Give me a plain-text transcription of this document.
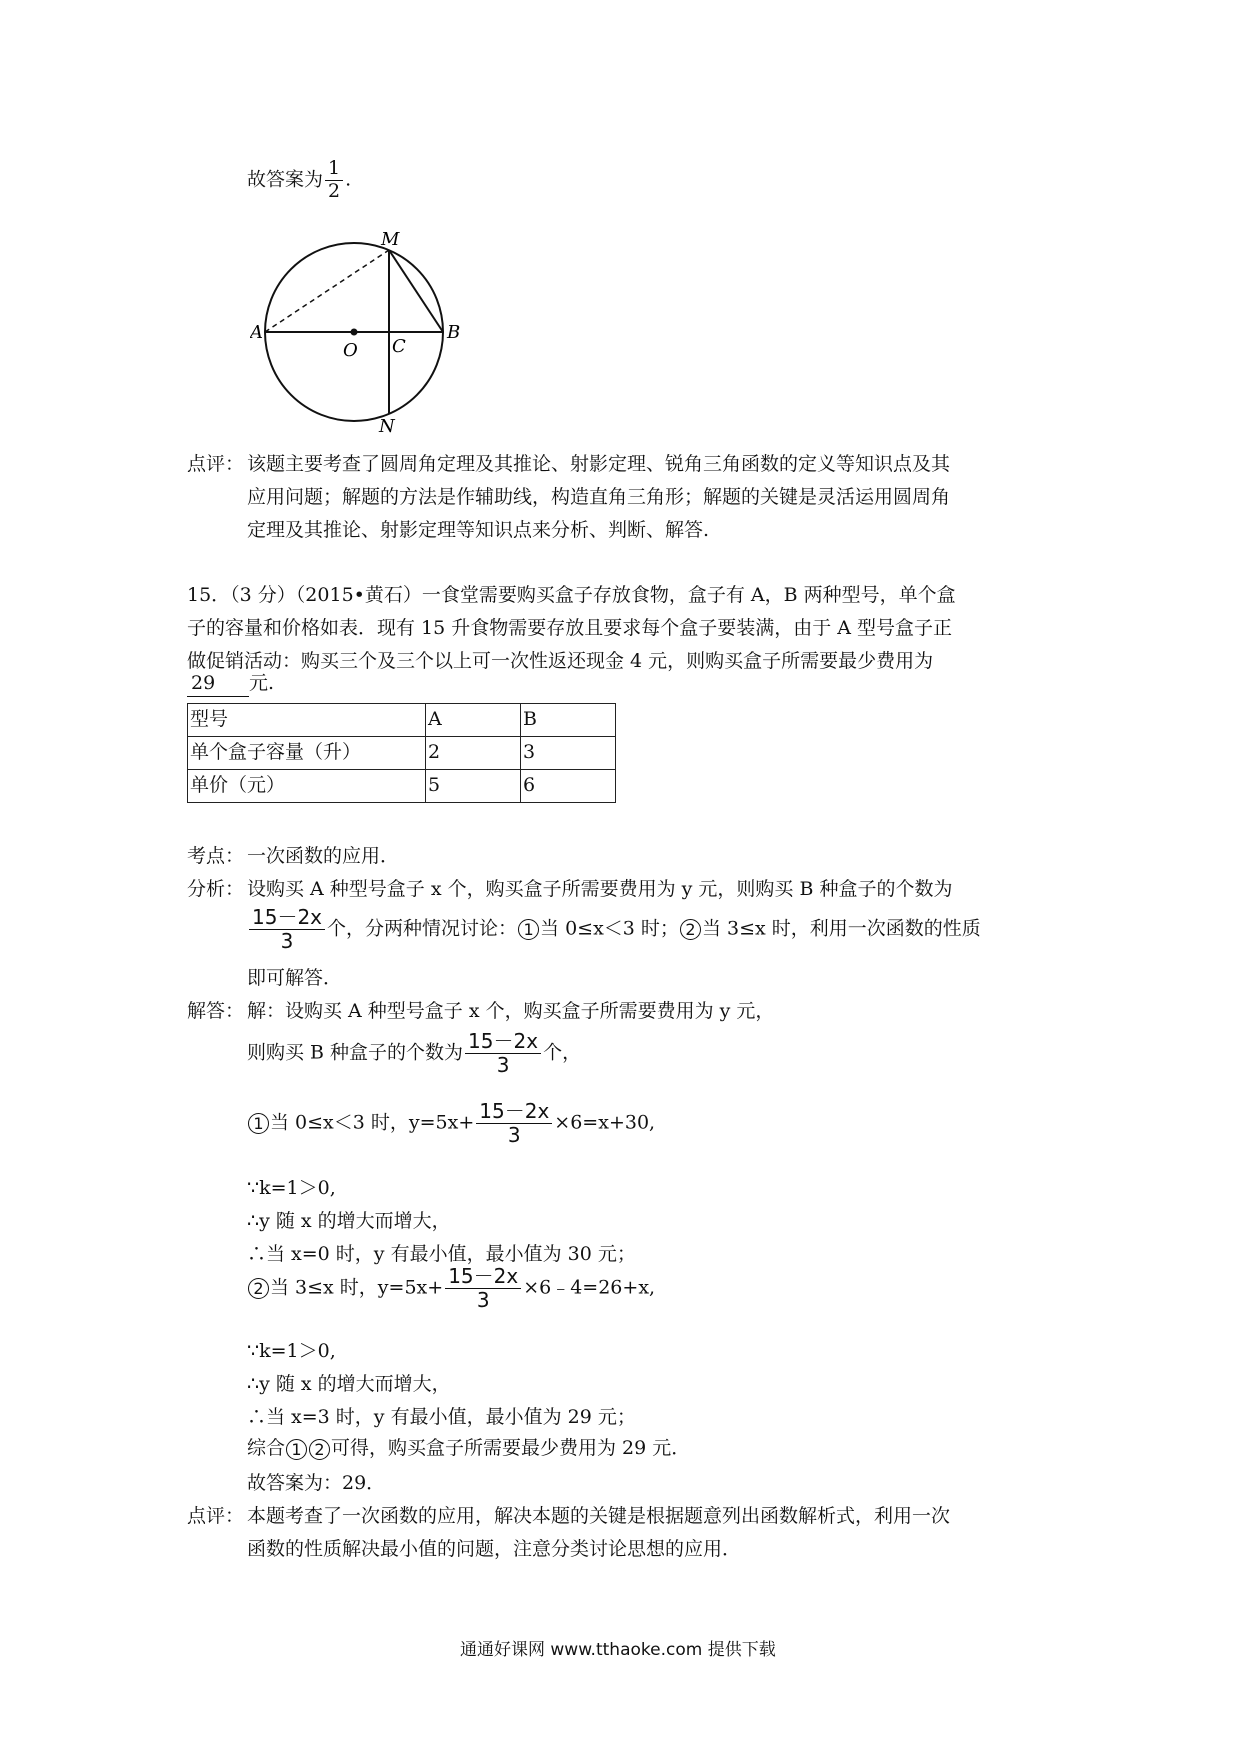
故答案为 $\frac{1}{2}$ .
M
A
O C
B
N
点评： 该题主要考查了圆周角定理及其推论、射影定理、锐角三角函数的定义等知识点及其
应用问题；解题的方法是作辅助线，构造直角三角形；解题的关键是灵活运用圆周角
定理及其推论、射影定理等知识点来分析、判断、解答.
15．（3 分）（2015•黄石）一食堂需要购买盒子存放食物，盒子有 A，B 两种型号，单个盒
子的容量和价格如表．现有 15 升食物需要存放且要求每个盒子要装满，由于 A 型号盒子正
做促销活动：购买三个及三个以上可一次性返还现金 4 元，则购买盒子所需要最少费用为
29 元.
型号	A	B
单个盒子容量（升）	2	3
单价（元）	5	6
考点： 一次函数的应用．
分析： 设购买 A 种型号盒子 x 个，购买盒子所需要费用为 y 元，则购买 B 种盒子的个数为
$\frac{15-2x}{3}$ 个，分两种情况讨论： 1 当 0≤x＜3 时； 2 当 3≤x 时，利用一次函数的性质
即可解答．
解答： 解：设购买 A 种型号盒子 x 个，购买盒子所需要费用为 y 元，
则购买 B 种盒子的个数为 $\frac{15-2x}{3}$ 个，
1 当 0≤x＜3 时，$y=5x+ \frac{15-2x}{3} \times 6=x+30$,
∵k=1＞0,
∴y 随 x 的增大而增大，
∴当 x=0 时，y 有最小值，最小值为 30 元；
2 当 3≤x 时，$y=5x+ \frac{15-2x}{3}$ ×6﹣4=26+x,
∵k=1＞0,
∴y 随 x 的增大而增大，
∴当 x=3 时，y 有最小值，最小值为 29 元；
综合 1 2 可得，购买盒子所需要最少费用为 29 元．
故答案为：29．
点评： 本题考查了一次函数的应用，解决本题的关键是根据题意列出函数解析式，利用一次
函数的性质解决最小值的问题，注意分类讨论思想的应用．
通通好课网 www.tthaoke.com 提供下载
